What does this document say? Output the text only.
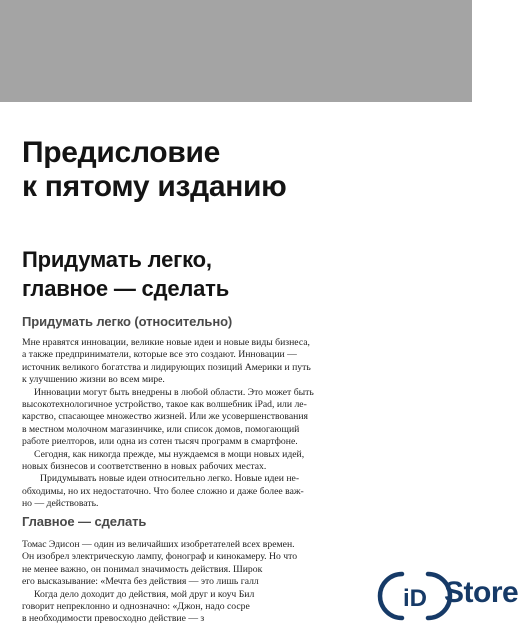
Предисловие
к пятому изданию
Придумать легко,
главное — сделать
Придумать легко (относительно)
Мне нравятся инновации, великие новые идеи и новые виды бизнеса,
а также предприниматели, которые все это создают. Инновации —
источник великого богатства и лидирующих позиций Америки и путь
к улучшению жизни во всем мире.
Инновации могут быть внедрены в любой области. Это может быть
высокотехнологичное устройство, такое как волшебник iPad, или ле-
карство, спасающее множество жизней. Или же усовершенствования
в местном молочном магазинчике, или список домов, помогающий
работе риелторов, или одна из сотен тысяч программ в смартфоне.
Сегодня, как никогда прежде, мы нуждаемся в мощи новых идей,
новых бизнесов и соответственно в новых рабочих местах.
Придумывать новые идеи относительно легко. Новые идеи не-
обходимы, но их недостаточно. Что более сложно и даже более важ-
но — действовать.
Главное — сделать
Томас Эдисон — один из величайших изобретателей всех времен.
Он изобрел электрическую лампу, фонограф и кинокамеру. Но что
не менее важно, он понимал значимость действия. Широк
его высказывание: «Мечта без действия — это лишь галл
Когда дело доходит до действия, мой друг и коуч Бил
говорит непреклонно и однозначно: «Джон, надо сосре
в необходимости превосходно действие — з
iD Store
